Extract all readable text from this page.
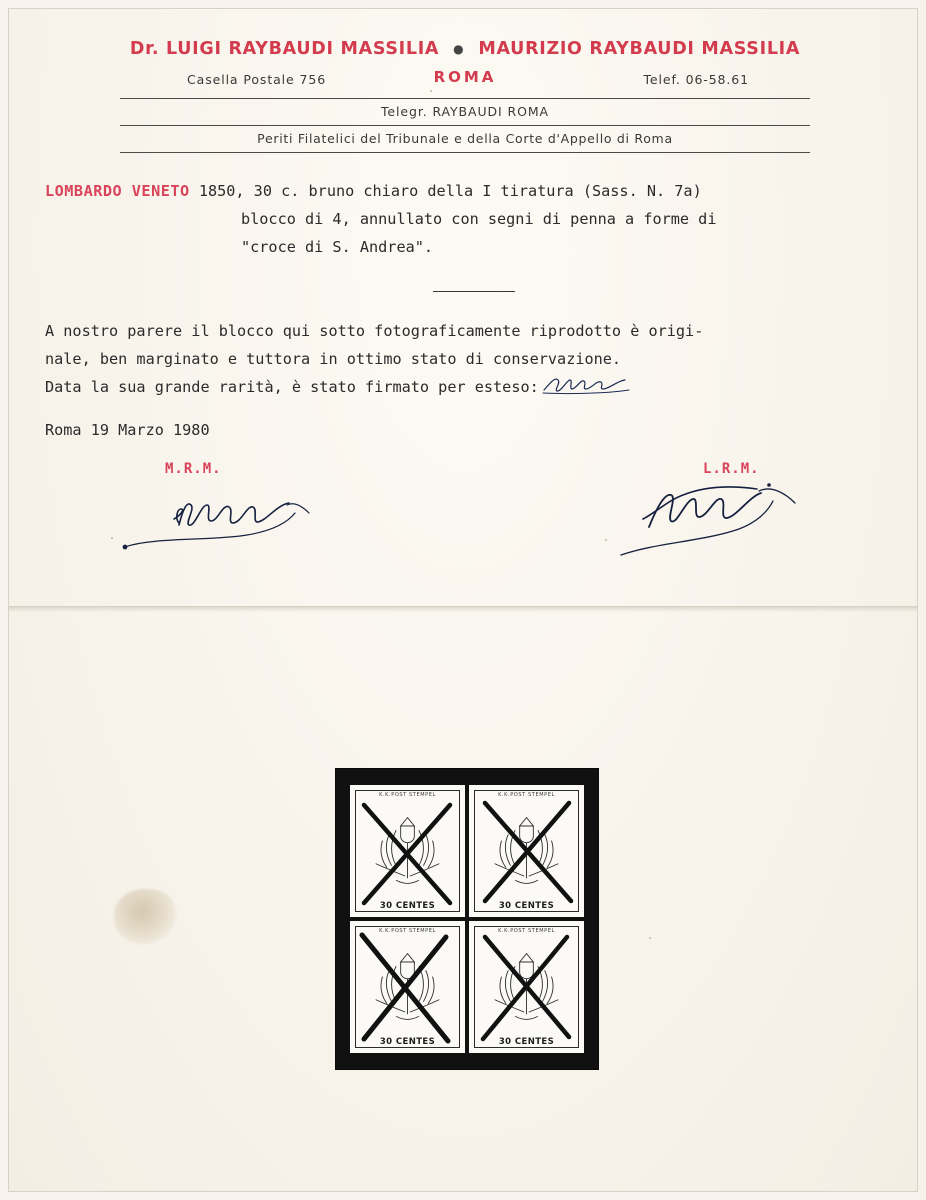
Dr. LUIGI RAYBAUDI MASSILIA ● MAURIZIO RAYBAUDI MASSILIA
Casella Postale 756	ROMA	Telef. 06-58.61
Telegr. RAYBAUDI ROMA
Periti Filatelici del Tribunale e della Corte d'Appello di Roma
LOMBARDO VENETO 1850, 30 c. bruno chiaro della I tiratura (Sass. N. 7a)
blocco di 4, annullato con segni di penna a forme di
"croce di S. Andrea".
A nostro parere il blocco qui sotto fotograficamente riprodotto è origi-
nale, ben marginato e tuttora in ottimo stato di conservazione.
Data la sua grande rarità, è stato firmato per esteso:
Roma 19 Marzo 1980
M.R.M.	L.R.M.
K.K.POST STEMPEL
30 CENTES
K.K.POST STEMPEL
30 CENTES
K.K.POST STEMPEL
30 CENTES
K.K.POST STEMPEL
30 CENTES
